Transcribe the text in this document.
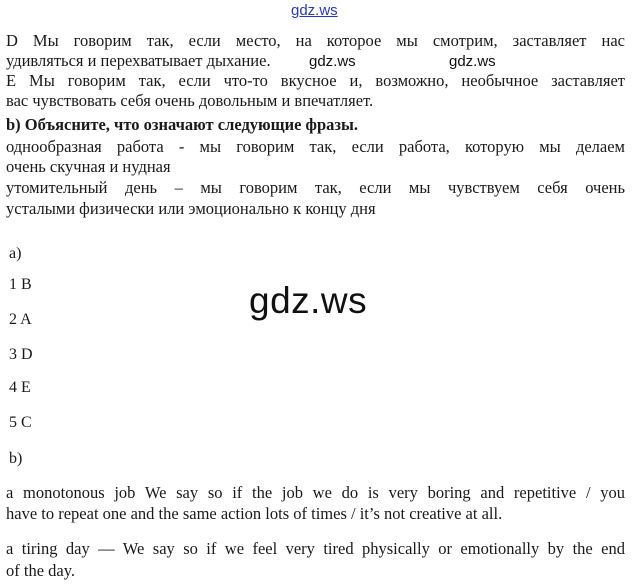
gdz.ws
D Мы говорим так, если место, на которое мы смотрим, заставляет нас
удивляться и перехватывает дыхание.	gdz.ws	gdz.ws
E Мы говорим так, если что-то вкусное и, возможно, необычное заставляет
вас чувствовать себя очень довольным и впечатляет.
b) Объясните, что означают следующие фразы.
однообразная работа - мы говорим так, если работа, которую мы делаем
очень скучная и нудная
утомительный день – мы говорим так, если мы чувствуем себя очень
усталыми физически или эмоционально к концу дня
a)
1 B
2 A
3 D
4 E
5 C
b)
gdz.ws
a monotonous job We say so if the job we do is very boring and repetitive / you
have to repeat one and the same action lots of times / it’s not creative at all.
a tiring day — We say so if we feel very tired physically or emotionally by the end
of the day.
